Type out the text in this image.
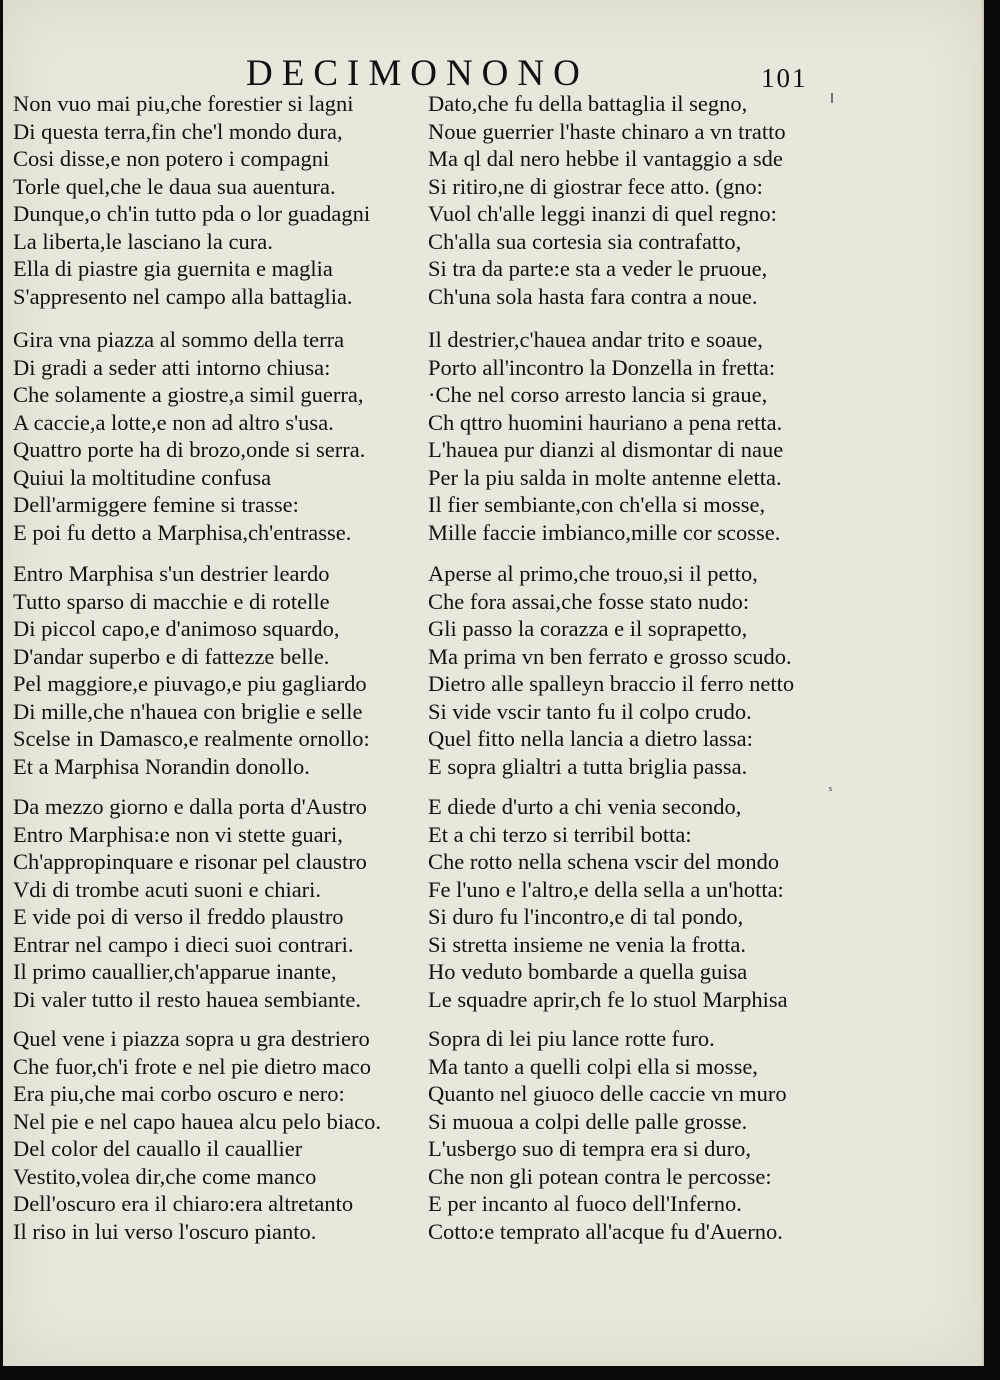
DECIMONONO	101
Non vuo mai piu,che forestier si lagni
Di questa terra,fin che'l mondo dura,
Cosi disse,e non potero i compagni
Torle quel,che le daua sua auentura.
Dunque,o ch'in tutto pda o lor guadagni
La liberta,le lasciano la cura.
Ella di piastre gia guernita e maglia
S'appresento nel campo alla battaglia.
Dato,che fu della battaglia il segno,
Noue guerrier l'haste chinaro a vn tratto
Ma ql dal nero hebbe il vantaggio a sde
Si ritiro,ne di giostrar fece atto. (gno:
Vuol ch'alle leggi inanzi di quel regno:
Ch'alla sua cortesia sia contrafatto,
Si tra da parte:e sta a veder le pruoue,
Ch'una sola hasta fara contra a noue.
Gira vna piazza al sommo della terra
Di gradi a seder atti intorno chiusa:
Che solamente a giostre,a simil guerra,
A caccie,a lotte,e non ad altro s'usa.
Quattro porte ha di brozo,onde si serra.
Quiui la moltitudine confusa
Dell'armiggere femine si trasse:
E poi fu detto a Marphisa,ch'entrasse.
Il destrier,c'hauea andar trito e soaue,
Porto all'incontro la Donzella in fretta:
·Che nel corso arresto lancia si graue,
Ch qttro huomini hauriano a pena retta.
L'hauea pur dianzi al dismontar di naue
Per la piu salda in molte antenne eletta.
Il fier sembiante,con ch'ella si mosse,
Mille faccie imbianco,mille cor scosse.
Entro Marphisa s'un destrier leardo
Tutto sparso di macchie e di rotelle
Di piccol capo,e d'animoso squardo,
D'andar superbo e di fattezze belle.
Pel maggiore,e piuvago,e piu gagliardo
Di mille,che n'hauea con briglie e selle
Scelse in Damasco,e realmente ornollo:
Et a Marphisa Norandin donollo.
Aperse al primo,che trouo,si il petto,
Che fora assai,che fosse stato nudo:
Gli passo la corazza e il soprapetto,
Ma prima vn ben ferrato e grosso scudo.
Dietro alle spalleyn braccio il ferro netto
Si vide vscir tanto fu il colpo crudo.
Quel fitto nella lancia a dietro lassa:
E sopra glialtri a tutta briglia passa.
Da mezzo giorno e dalla porta d'Austro
Entro Marphisa:e non vi stette guari,
Ch'appropinquare e risonar pel claustro
Vdi di trombe acuti suoni e chiari.
E vide poi di verso il freddo plaustro
Entrar nel campo i dieci suoi contrari.
Il primo cauallier,ch'apparue inante,
Di valer tutto il resto hauea sembiante.
E diede d'urto a chi venia secondo,
Et a chi terzo si terribil botta:
Che rotto nella schena vscir del mondo
Fe l'uno e l'altro,e della sella a un'hotta:
Si duro fu l'incontro,e di tal pondo,
Si stretta insieme ne venia la frotta.
Ho veduto bombarde a quella guisa
Le squadre aprir,ch fe lo stuol Marphisa
Quel vene i piazza sopra u gra destriero
Che fuor,ch'i frote e nel pie dietro maco
Era piu,che mai corbo oscuro e nero:
Nel pie e nel capo haueа alcu pelo biaco.
Del color del cauallo il cauallier
Vestito,volea dir,che come manco
Dell'oscuro era il chiaro:era altretanto
Il riso in lui verso l'oscuro pianto.
Sopra di lei piu lance rotte furo.
Ma tanto a quelli colpi ella si mosse,
Quanto nel giuoco delle caccie vn muro
Si muoua a colpi delle palle grosse.
L'usbergo suo di tempra era si duro,
Che non gli potean contra le percosse:
E per incanto al fuoco dell'Inferno.
Cotto:e temprato all'acque fu d'Auerno.
ˢ
